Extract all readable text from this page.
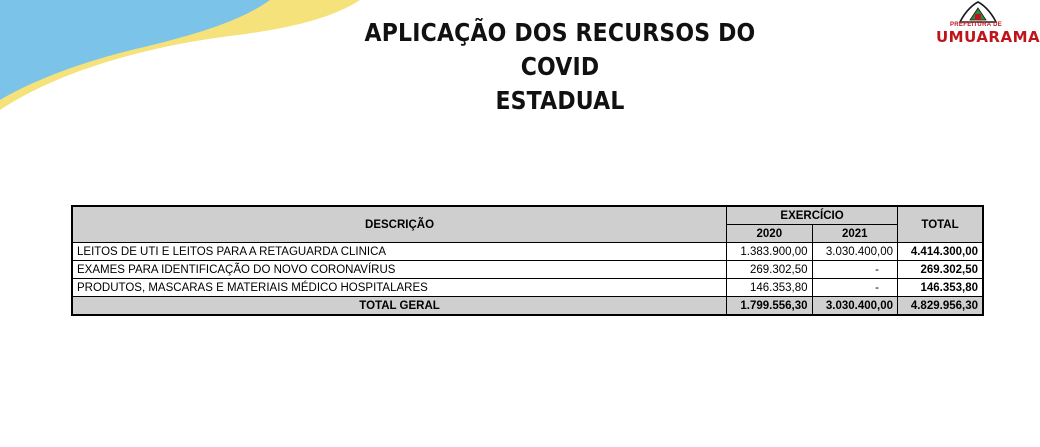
APLICAÇÃO DOS RECURSOS DO COVID
ESTADUAL
PREFEITURA DE
UMUARAMA
DESCRIÇÃO	EXERCÍCIO		TOTAL
	2020	2021	
LEITOS DE UTI E LEITOS PARA A RETAGUARDA CLINICA	1.383.900,00	3.030.400,00	4.414.300,00
EXAMES PARA IDENTIFICAÇÃO DO NOVO CORONAVÍRUS	269.302,50	-	269.302,50
PRODUTOS, MASCARAS E MATERIAIS MÉDICO HOSPITALARES	146.353,80	-	146.353,80
TOTAL GERAL	1.799.556,30	3.030.400,00	4.829.956,30
